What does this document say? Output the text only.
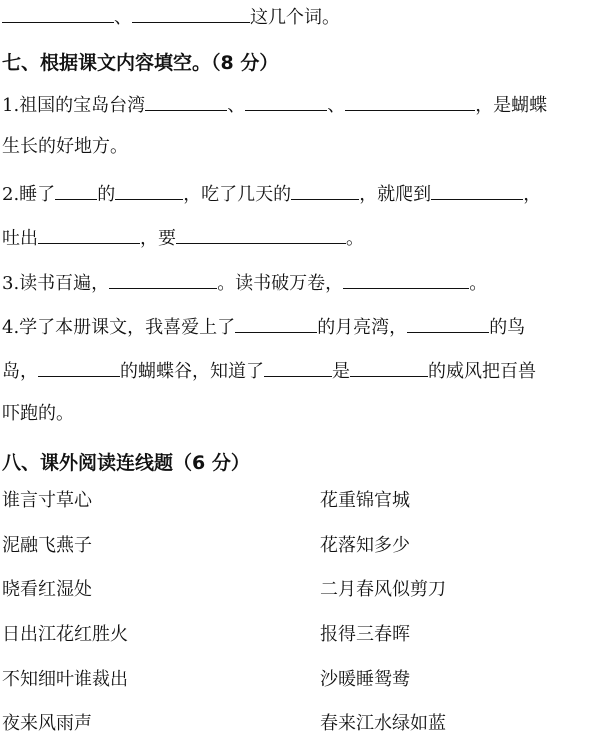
、	这几个词。
七、根据课文内容填空。（8 分）
1.祖国的宝岛台湾	、	、	，是蝴蝶
生长的好地方。
2.睡了 的	，吃了几天的	，就爬到	，
吐出	，要	。
3.读书百遍，	。读书破万卷，	。
4.学了本册课文，我喜爱上了	的月亮湾，	的鸟
岛，	的蝴蝶谷，知道了	是	的威风把百兽
吓跑的。
八、课外阅读连线题（6 分）
谁言寸草心	花重锦官城
泥融飞燕子	花落知多少
晓看红湿处	二月春风似剪刀
日出江花红胜火	报得三春晖
不知细叶谁裁出	沙暖睡鸳鸯
夜来风雨声	春来江水绿如蓝
